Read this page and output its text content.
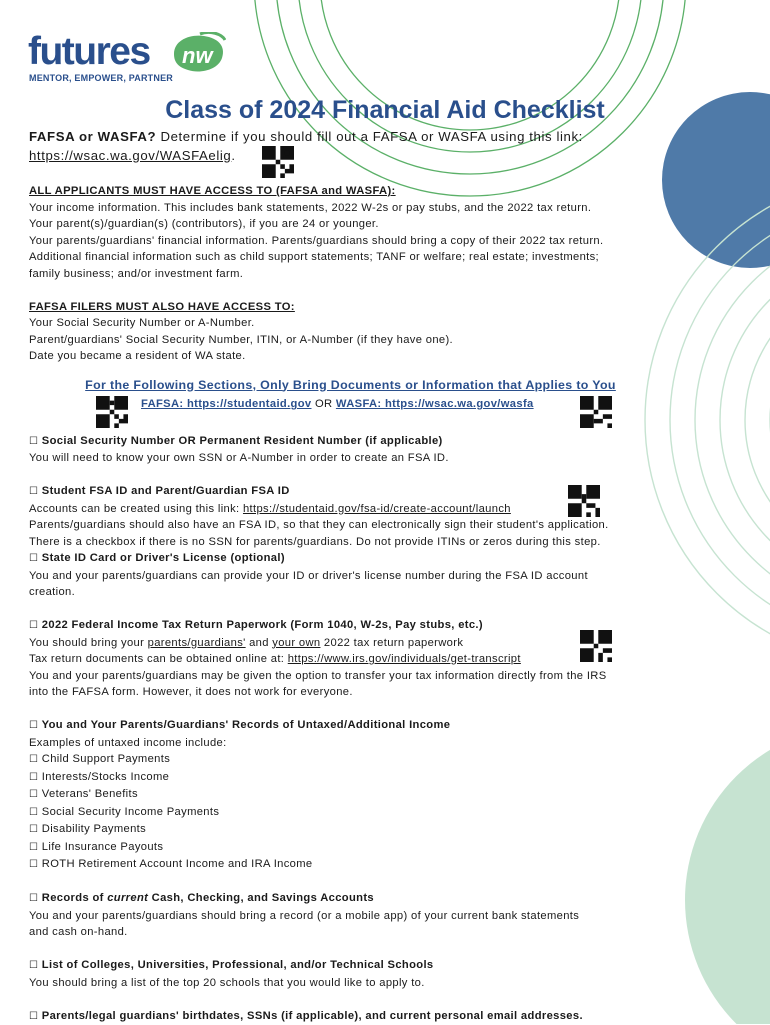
futures nw
MENTOR, EMPOWER, PARTNER
Class of 2024 Financial Aid Checklist
FAFSA or WASFA? Determine if you should fill out a FAFSA or WASFA using this link:
https://wsac.wa.gov/WASFAelig.
ALL APPLICANTS MUST HAVE ACCESS TO (FAFSA and WASFA):
Your income information. This includes bank statements, 2022 W-2s or pay stubs, and the 2022 tax return.
Your parent(s)/guardian(s) (contributors), if you are 24 or younger.
Your parents/guardians' financial information. Parents/guardians should bring a copy of their 2022 tax return.
Additional financial information such as child support statements; TANF or welfare; real estate; investments;
family business; and/or investment farm.
FAFSA FILERS MUST ALSO HAVE ACCESS TO:
Your Social Security Number or A-Number.
Parent/guardians' Social Security Number, ITIN, or A-Number (if they have one).
Date you became a resident of WA state.
For the Following Sections, Only Bring Documents or Information that Applies to You
FAFSA: https://studentaid.gov OR WASFA: https://wsac.wa.gov/wasfa
☐ Social Security Number OR Permanent Resident Number (if applicable)
You will need to know your own SSN or A-Number in order to create an FSA ID.
☐ Student FSA ID and Parent/Guardian FSA ID
Accounts can be created using this link: https://studentaid.gov/fsa-id/create-account/launch
Parents/guardians should also have an FSA ID, so that they can electronically sign their student's application.
There is a checkbox if there is no SSN for parents/guardians. Do not provide ITINs or zeros during this step.
☐ State ID Card or Driver's License (optional)
You and your parents/guardians can provide your ID or driver's license number during the FSA ID account
creation.
☐ 2022 Federal Income Tax Return Paperwork (Form 1040, W-2s, Pay stubs, etc.)
You should bring your parents/guardians' and your own 2022 tax return paperwork
Tax return documents can be obtained online at: https://www.irs.gov/individuals/get-transcript
You and your parents/guardians may be given the option to transfer your tax information directly from the IRS
into the FAFSA form. However, it does not work for everyone.
☐ You and Your Parents/Guardians' Records of Untaxed/Additional Income
Examples of untaxed income include:
☐ Child Support Payments
☐ Interests/Stocks Income
☐ Veterans' Benefits
☐ Social Security Income Payments
☐ Disability Payments
☐ Life Insurance Payouts
☐ ROTH Retirement Account Income and IRA Income
☐ Records of current Cash, Checking, and Savings Accounts
You and your parents/guardians should bring a record (or a mobile app) of your current bank statements
and cash on-hand.
☐ List of Colleges, Universities, Professional, and/or Technical Schools
You should bring a list of the top 20 schools that you would like to apply to.
☐ Parents/legal guardians' birthdates, SSNs (if applicable), and current personal email addresses.
